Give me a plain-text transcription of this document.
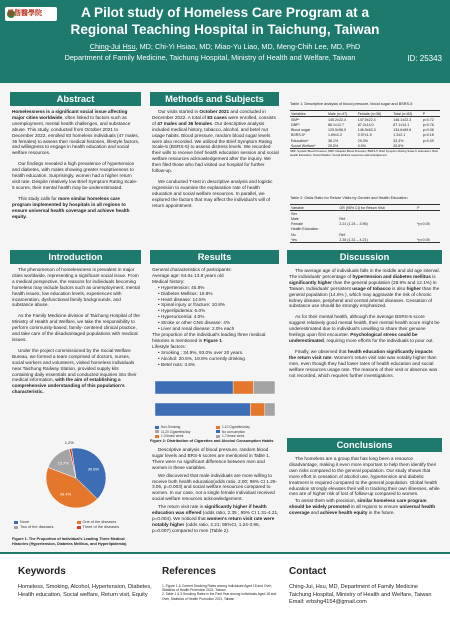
馬偕醫學院	A Pilot study of Homeless Care Program at a
Regional Teaching Hospital in Taichung, Taiwan
Ching-Jui Hsu, MD; Chi-Yi Hsiao, MD; Miao-Yu Liao, MD, Meng-Chih Lee, MD, PhD
Department of Family Medicine, Taichung Hospital, Ministry of Health and Welfare, Taiwan	ID: 25343
Abstract

Homelessness is a significant social issue affecting major cities worldwide, often linked to factors such as unemployment, mental health challenges, and substance abuse. This study, conducted from October 2021 to December 2022, enrolled 83 homeless individuals (47 males, 36 females) to assess their medical histories, lifestyle factors, and willingness to engage in health education and social welfare resources.

Our findings revealed a high prevalence of hypertension and diabetes, with males showing greater receptiveness to health education. Surprisingly, women had a higher return visit rate. Despite relatively low Brief Symptom Rating Scale-5 scores, their mental health may be underestimated.

This study calls for more similar homeless care program implemented by hospitals in all regions to ensure universal health coverage and achieve health equity.

Introduction

The phenomenon of homelessness is prevalent in major cities worldwide, representing a significant social issue. From a medical perspective, the reasons for individuals becoming homeless may include factors such as unemployment, mental health issues, low education levels, experiences with incarceration, dysfunctional family backgrounds, and substance abuse.

As the Family Medicine division of Taichung Hospital of the Ministry of Health and Welfare, we take the responsibility to perform community-based, family- centered clinical practice, and take care of the disadvantaged populations with medical issues.

Under the project commissioned by the Social Welfare Bureau, we formed a team comprised of doctors, nurses, social workers and volunteers, visited homeless individuals near Taichung Railway Station, provided supply kits containing daily essentials and conducted inquiries into their medical information, with the aim of establishing a comprehensive understanding of this population's characteristic.

39.8%
43.4%
15.7%
1.2%
None	One of the diseases
Two of the diseases	Three of the diseases
Figure 1. The Proportion of Individual's Leading Three Medical Histories (Hypertension, Diabetes Mellitus, and Hyperlipidemia)
Methods and Subjects

Our visits started in October 2021 and concluded in December 2022. A total of 83 cases were enrolled, consists of 47 males and 36 females. Our descriptive analysis included medical history, tobacco, alcohol, and betel nut usage habits. Blood pressure, random blood sugar levels were also recorded. We utilized the Brief Symptom Rating Scale-5 (BSRS-5) to assess distress levels. We recorded their wills to receive brief health education session and social welfare resources acknowledgement after the inquiry. We then filed those who had visited our hospital for further follow-up.

We conducted T-test in descriptive analysis and logistic regression to examine the explanation rate of health education and social welfare resources. In parallel, we explored the factors that may affect the individual's will of return appointment.

Results
General characteristics of participants:
Average age: 64.0± 13.8 years old
Medical history:
• Hypertension: 45.8%
• Diabetes Mellitus: 16.8%
• Heart disease: 14.5%
• Spinal injury or fracture: 10.8%
• Hyperlipidemia: 6.0%
• Hyperuricemia: 4.0%
• Stroke or other CNS disease: 4%
• Liver and renal disease: 2.0% each

The proportion of the individual's leading three medical histories is mentioned in Figure 1.

Lifestyle factors:
• Smoking : 34.9%, 93.0% over 20 years.
• Alcohol: 20.5%, 19.5% currently drinking
• Betel nuts: 3.6%
Non-Smoking	1-10 Cigarettes/day
11-20 Cigarettes/day	No consumption
1-3 times/ week	1-7 times/ week
Figure 2: Distribution of Cigarettes and Alcohol Consumption Habits

Descriptive analysis of blood pressure, random blood sugar levels and BRS-5 scores are mentioned in Table 1. There were no significant difference between men and women in these variables.

We discovered that male individuals are more willing to receive both health education(odds ratio, 2.00; 95% CI 1.26-3.06, p=0.003) and social welfare resources compared to women. In our case, not a single female individual received social welfare resources acknowledgement.

The return visit rate is significantly higher if health education was offered (odds ratio, 2.35 ; 95% CI 1.31-4.21, p=0.004). We noticed that women's return visit rate were notably higher (odds ratio, 2.21; 95%CI, 1.24-3.96, p=0.007) compared to men (Table 2).

Table 1: Descriptive analysis of blood pressure, blood sugar and BSRS-5
Variables	Male (n=47)	Female (n=36)	Total (n=83)	P
SBP*	145.2±22.4	147.0±22.4	146.1±22.3	p=0.72
DBP*	86.1±12.7	87.2±14.0	87.1±14.1	p=0.78
Blood sugar	125.5±56.9	146.5±63.3	134.6±69.8	p=0.06
BSRS-5*	1.69±2.2	0.97±1.5	1.3±2.1	p=0.18
Education*	36.1%	29.3%	33.3%	p=0.09
Social Welfare*	25.5%	0.0%	20.5%	
SBP: Systolic Blood Pressure; DBP: Diastolic Blood Pressure; BSRS-5: Brief Symptom Rating Scale-5; Education: Brief Health Education; Social Welfare: Social Welfare resources acknowledgement
Table 2: Odds Ratio for Return Visits by Gender and Health Education
Variable	OR (95% CI) for Return Visit	P
Sex		
Male	Ref.	
Female	2.21 (1.24 – 3.96)	*p=0.05
Health Education		
No	Ref.	
Yes	2.35 (1.31 – 4.21)	*p=0.05
Discussion

The average age of individuals falls in the middle and old age interval. The individuals' percentage of hypertension and diabetes mellitus is significantly higher than the general population (28.9% and 12.1%) in Taiwan. Individuals' persistent usage of tobacco is also higher than the general population (14.6% ), which may aggravate the risk of chronic kidney disease, peripheral and central arterial diseases. Cessation of substance use should be strongly emphasized.

As for their mental health, although the average BSRS-5 score suggest relatively good mental health, their mental health score might be underestimated due to individual's unwilling to share their genuine feelings upon first encounter. Psychological stress could be underestimated, requiring more efforts for the individuals to pour out.

Finally, we observed that health education significantly impacts the return visit rate. Women's return visit rate was notably higher than men, even though they had lower rates of health education and social welfare resources usage rate. The reasons of their visit or absence was not recorded, which requires further investigations.

Conclusions

The homeless are a group that has long been a resource disadvantage, making it even more important to help them identify their own risks compared to the general population. Our study shows that more effort in cessation of alcohol use, hypertension and diabetic treatment is required compared to the general population. Global health education strongly elevates their will in tracking their own illnesses, while men are of higher risk of lost of follow-up compared to women.

To assist them with precision, similar homeless care program should be widely promoted in all regions to ensure universal health coverage and achieve health equity in the future.

Keywords
Homeless, Smoking, Alcohol, Hypertension, Diabetes, Health education, Social welfare, Return visit, Equity
References
1. Figure 1 & Current Smoking Rates among Individuals Aged 18 and Over, Statistics of Health Promotion 2021, Taiwan
2. Table 1 & 3 Smoking Rates in the Past Year among Individuals Aged 18 and Over, Statistics of Health Promotion 2021, Taiwan
Contact
Ching-Jui, Hsu, MD, Department of Family Medicine
Taichung Hospital, Ministry of Health and Welfare, Taiwan
Email: erbshg4154@gmail.com
